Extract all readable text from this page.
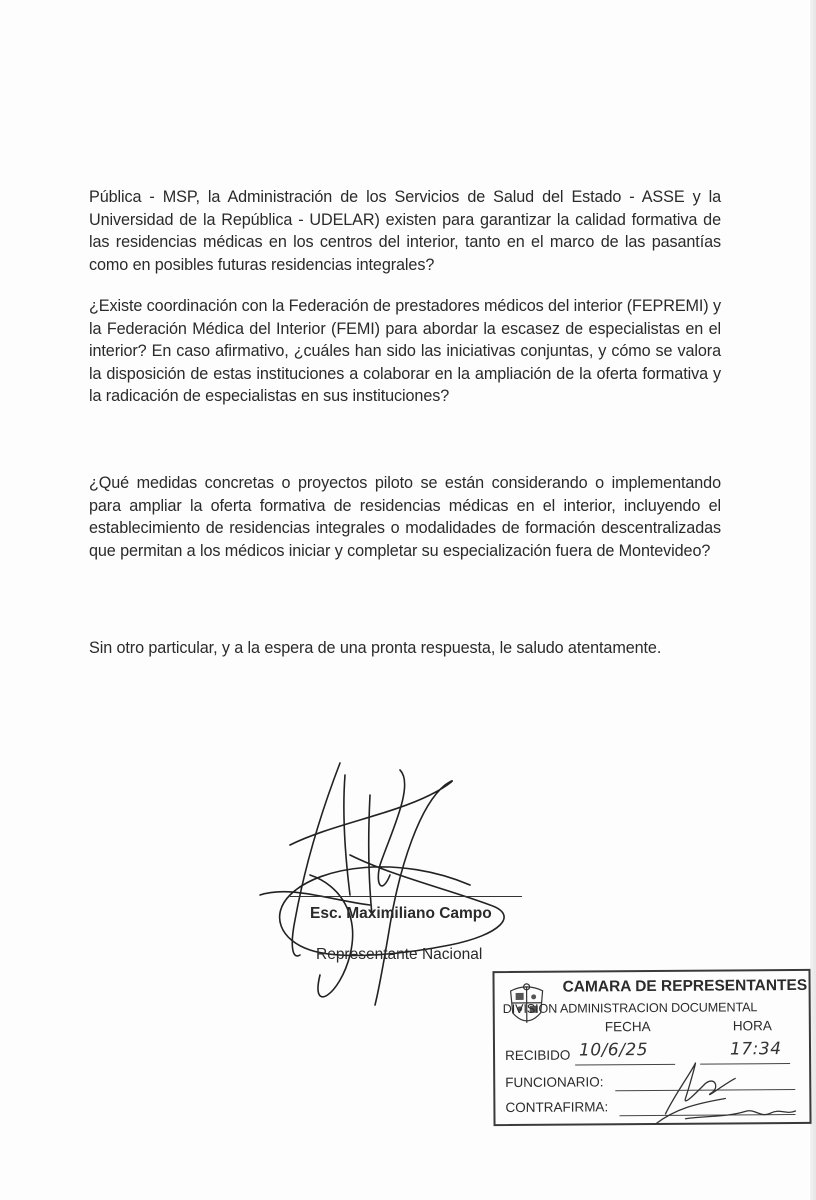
Pública - MSP, la Administración de los Servicios de Salud del Estado - ASSE y la Universidad de la República - UDELAR) existen para garantizar la calidad formativa de las residencias médicas en los centros del interior, tanto en el marco de las pasantías como en posibles futuras residencias integrales?

¿Existe coordinación con la Federación de prestadores médicos del interior (FEPREMI) y la Federación Médica del Interior (FEMI) para abordar la escasez de especialistas en el interior? En caso afirmativo, ¿cuáles han sido las iniciativas conjuntas, y cómo se valora la disposición de estas instituciones a colaborar en la ampliación de la oferta formativa y la radicación de especialistas en sus instituciones?

¿Qué medidas concretas o proyectos piloto se están considerando o implementando para ampliar la oferta formativa de residencias médicas en el interior, incluyendo el establecimiento de residencias integrales o modalidades de formación descentralizadas que permitan a los médicos iniciar y completar su especialización fuera de Montevideo?

Sin otro particular, y a la espera de una pronta respuesta, le saludo atentamente.

Esc. Maximiliano Campo
Representante Nacional
CAMARA DE REPRESENTANTES
DIVISION ADMINISTRACION DOCUMENTAL
FECHA	HORA
RECIBIDO 10/6/25	17:34
FUNCIONARIO:
CONTRAFIRMA:
